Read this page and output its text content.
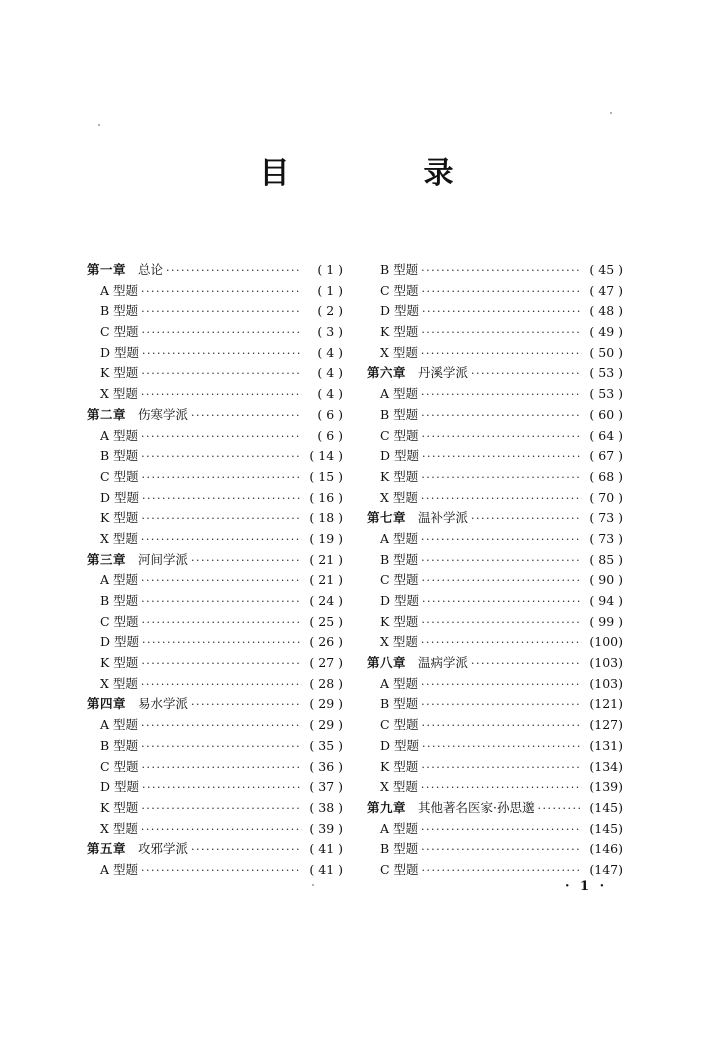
目　录
第一章 总论 ·····	( 1 )
A 型题 ·····	( 1 )
B 型题 ·····	( 2 )
C 型题 ·····	( 3 )
D 型题 ·····	( 4 )
K 型题 ·····	( 4 )
X 型题 ·····	( 4 )
第二章 伤寒学派 ·····	( 6 )
A 型题 ·····	( 6 )
B 型题 ·····	( 14 )
C 型题 ·····	( 15 )
D 型题 ·····	( 16 )
K 型题 ·····	( 18 )
X 型题 ·····	( 19 )
第三章 河间学派 ·····	( 21 )
A 型题 ·····	( 21 )
B 型题 ·····	( 24 )
C 型题 ·····	( 25 )
D 型题 ·····	( 26 )
K 型题 ·····	( 27 )
X 型题 ·····	( 28 )
第四章 易水学派 ·····	( 29 )
A 型题 ·····	( 29 )
B 型题 ·····	( 35 )
C 型题 ·····	( 36 )
D 型题 ·····	( 37 )
K 型题 ·····	( 38 )
X 型题 ·····	( 39 )
第五章 攻邪学派 ·····	( 41 )
A 型题 ·····	( 41 )
B 型题 ·····	( 45 )
C 型题 ·····	( 47 )
D 型题 ·····	( 48 )
K 型题 ·····	( 49 )
X 型题 ·····	( 50 )
第六章 丹溪学派 ·····	( 53 )
A 型题 ·····	( 53 )
B 型题 ·····	( 60 )
C 型题 ·····	( 64 )
D 型题 ·····	( 67 )
K 型题 ·····	( 68 )
X 型题 ·····	( 70 )
第七章 温补学派 ·····	( 73 )
A 型题 ·····	( 73 )
B 型题 ·····	( 85 )
C 型题 ·····	( 90 )
D 型题 ·····	( 94 )
K 型题 ·····	( 99 )
X 型题 ·····	(100)
第八章 温病学派 ·····	(103)
A 型题 ·····	(103)
B 型题 ·····	(121)
C 型题 ·····	(127)
D 型题 ·····	(131)
K 型题 ·····	(134)
X 型题 ·····	(139)
第九章 其他著名医家·孙思邈 ·····	(145)
A 型题 ·····	(145)
B 型题 ·····	(146)
C 型题 ·····	(147)
· 1 ·
